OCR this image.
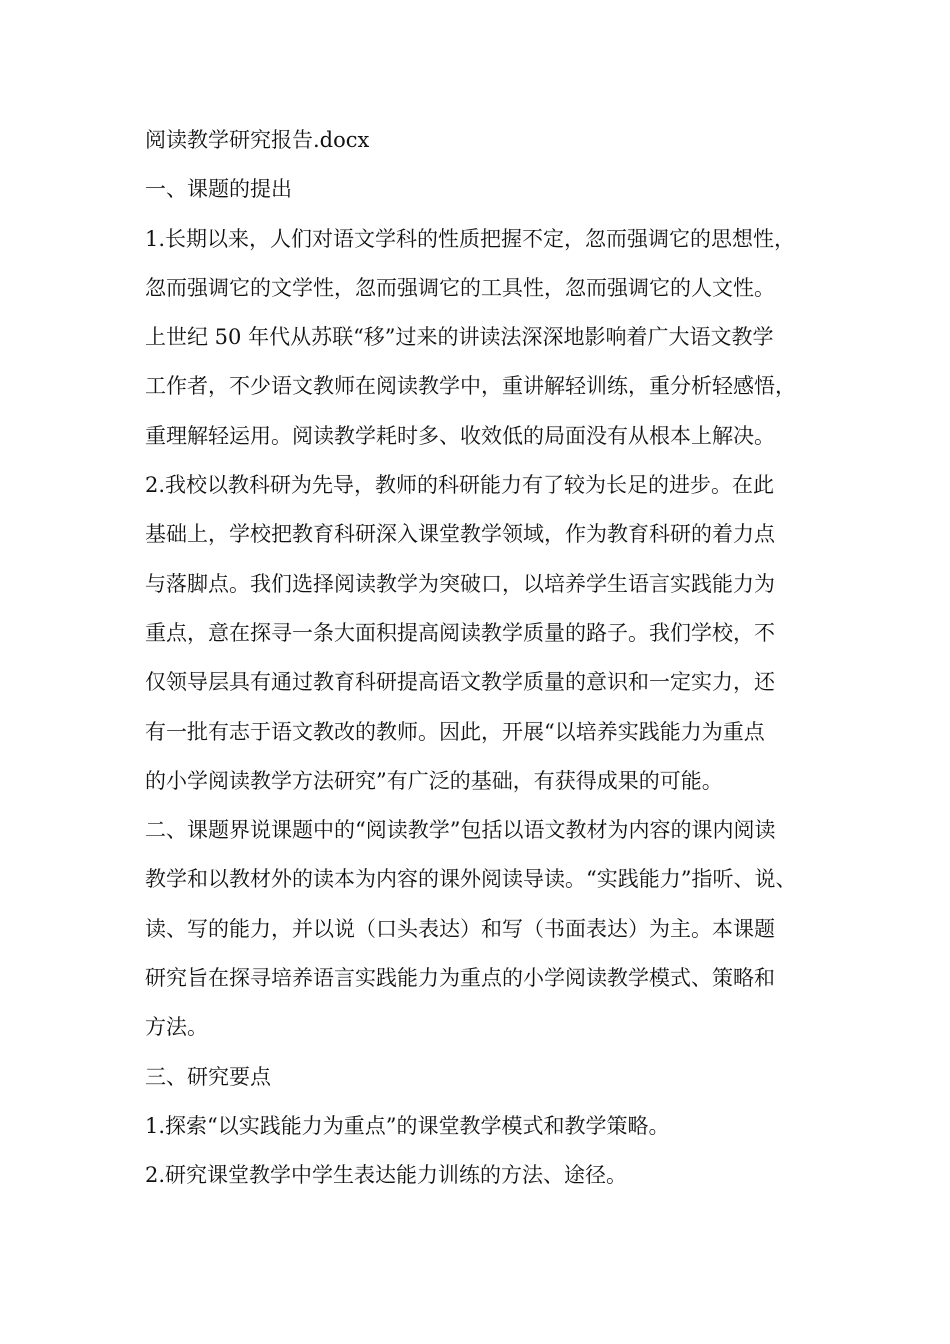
阅读教学研究报告.docx
一、课题的提出
1.长期以来，人们对语文学科的性质把握不定，忽而强调它的思想性，
忽而强调它的文学性，忽而强调它的工具性，忽而强调它的人文性。
上世纪 50 年代从苏联“移”过来的讲读法深深地影响着广大语文教学
工作者，不少语文教师在阅读教学中，重讲解轻训练，重分析轻感悟，
重理解轻运用。阅读教学耗时多、收效低的局面没有从根本上解决。
2.我校以教科研为先导，教师的科研能力有了较为长足的进步。在此
基础上，学校把教育科研深入课堂教学领域，作为教育科研的着力点
与落脚点。我们选择阅读教学为突破口，以培养学生语言实践能力为
重点，意在探寻一条大面积提高阅读教学质量的路子。我们学校，不
仅领导层具有通过教育科研提高语文教学质量的意识和一定实力，还
有一批有志于语文教改的教师。因此，开展“以培养实践能力为重点
的小学阅读教学方法研究”有广泛的基础，有获得成果的可能。
二、课题界说课题中的“阅读教学”包括以语文教材为内容的课内阅读
教学和以教材外的读本为内容的课外阅读导读。“实践能力”指听、说、
读、写的能力，并以说（口头表达）和写（书面表达）为主。本课题
研究旨在探寻培养语言实践能力为重点的小学阅读教学模式、策略和
方法。
三、研究要点
1.探索“以实践能力为重点”的课堂教学模式和教学策略。
2.研究课堂教学中学生表达能力训练的方法、途径。
